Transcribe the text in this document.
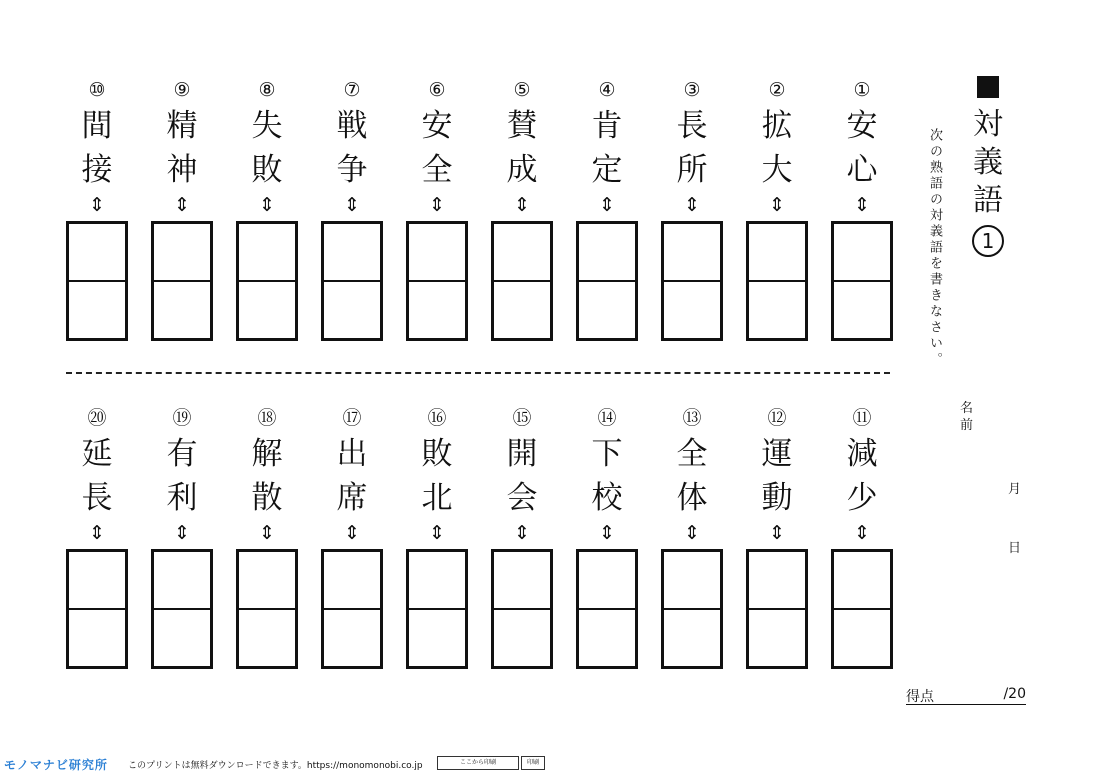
⑩
間
接
⇕
⑨
精
神
⇕
⑧
失
敗
⇕
⑦
戦
争
⇕
⑥
安
全
⇕
⑤
賛
成
⇕
④
肯
定
⇕
③
長
所
⇕
②
拡
大
⇕
①
安
心
⇕
⑳
延
長
⇕
⑲
有
利
⇕
⑱
解
散
⇕
⑰
出
席
⇕
⑯
敗
北
⇕
⑮
開
会
⇕
⑭
下
校
⇕
⑬
全
体
⇕
⑫
運
動
⇕
⑪
減
少
⇕
対
義
語
1
次の熟語の対義語を書きなさい。
名前
月
日
得点	/20
モノマナビ研究所 このプリントは無料ダウンロードできます。https://monomonobi.co.jp	ここから印刷	印刷
